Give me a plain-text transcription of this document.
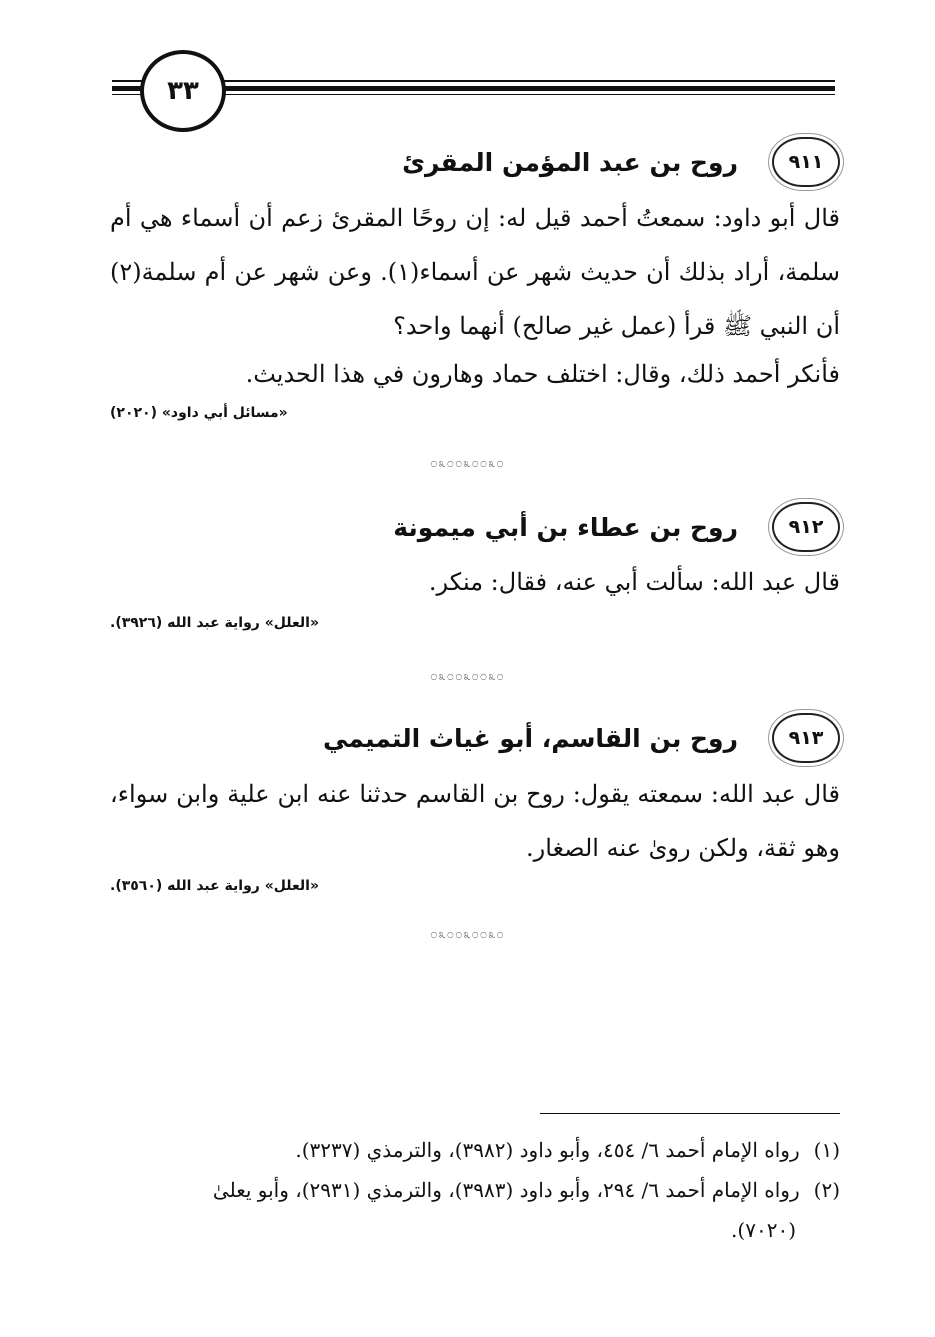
٣٣
٩١١
روح بن عبد المؤمن المقرئ

قال أبو داود: سمعتُ أحمد قيل له: إن روحًا المقرئ زعم أن أسماء هي أم سلمة، أراد بذلك أن حديث شهر عن أسماء(١). وعن شهر عن أم سلمة(٢) أن النبي ﷺ قرأ (عمل غير صالح) أنهما واحد؟

فأنكر أحمد ذلك، وقال: اختلف حماد وهارون في هذا الحديث.

«مسائل أبي داود» (٢٠٢٠)
೦೩೦೦೩೦೦೩೦
٩١٢
روح بن عطاء بن أبي ميمونة

قال عبد الله: سألت أبي عنه، فقال: منكر.

«العلل» رواية عبد الله (٣٩٢٦).
೦೩೦೦೩೦೦೩೦
٩١٣
روح بن القاسم، أبو غياث التميمي

قال عبد الله: سمعته يقول: روح بن القاسم حدثنا عنه ابن علية وابن سواء، وهو ثقة، ولكن روىٰ عنه الصغار.

«العلل» رواية عبد الله (٣٥٦٠).
೦೩೦೦೩೦೦೩೦
(١)رواه الإمام أحمد ٦/ ٤٥٤، وأبو داود (٣٩٨٢)، والترمذي (٣٢٣٧).
(٢)رواه الإمام أحمد ٦/ ٢٩٤، وأبو داود (٣٩٨٣)، والترمذي (٢٩٣١)، وأبو يعلىٰ
(٧٠٢٠).
